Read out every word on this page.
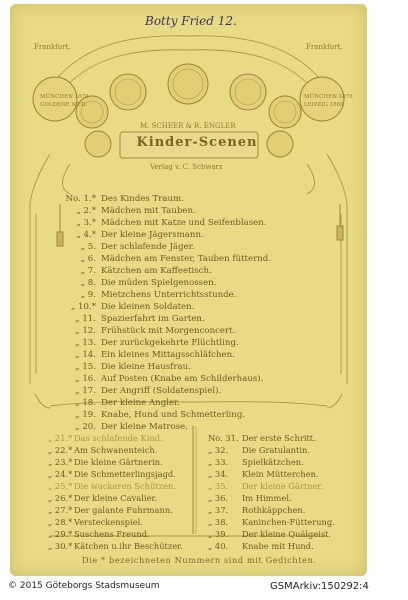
Botty Fried 12.
Frankfurt.	Frankfurt.
MÜNCHEN 1876
GOLDENE MED.
MÜNCHEN 1876
LEIPZIG 1869
M. SCHEER & R. ENGLER
Kinder-Scenen
Verlag v. C. Schwarz
No. 1.* Des Kindes Traum.
„ 2.* Mädchen mit Tauben.
„ 3.* Mädchen mit Katze und Seifenblasen.
„ 4.* Der kleine Jägersmann.
„ 5. Der schlafende Jäger.
„ 6. Mädchen am Fenster, Tauben fütternd.
„ 7. Kätzchen am Kaffeetisch.
„ 8. Die müden Spielgenossen.
„ 9. Mietzchens Unterrichtsstunde.
„ 10.* Die kleinen Soldaten.
„ 11. Spazierfahrt im Garten.
„ 12. Frühstück mit Morgenconcert.
„ 13. Der zurückgekehrte Flüchtling.
„ 14. Ein kleines Mittagsschläfchen.
„ 15. Die kleine Hausfrau.
„ 16. Auf Posten (Knabe am Schilderhaus).
„ 17. Der Angriff (Soldatenspiel).
„ 18. Der kleine Angler.
„ 19. Knabe, Hund und Schmetterling.
„ 20. Der kleine Matrose.
„ 21.* Das schlafende Kind.
„ 22.* Am Schwanenteich.
„ 23.* Die kleine Gärtnerin.
„ 24.* Die Schmetterlingsjagd.
„ 25.* Die wackeren Schützen.
„ 26.* Der kleine Cavalier.
„ 27.* Der galante Fuhrmann.
„ 28.* Versteckenspiel.
„ 29.* Suschens Freund.
No. 31. Der erste Schritt.
„ 32. Die Gratulantin.
„ 33. Spielkätzchen.
„ 34. Klein Mütterchen.
„ 35. Der kleine Gärtner.
„ 36. Im Himmel.
„ 37. Rothkäppchen.
„ 38. Kaninchen-Fütterung.
„ 39. Der kleine Quälgeist.
„ 40. Knabe mit Hund.
„ 30.* Kätchen u.ihr Beschützer.
Die * bezeichneten Nummern sind mit Gedichten.
© 2015 Göteborgs Stadsmuseum	GSMArkiv:150292:4
